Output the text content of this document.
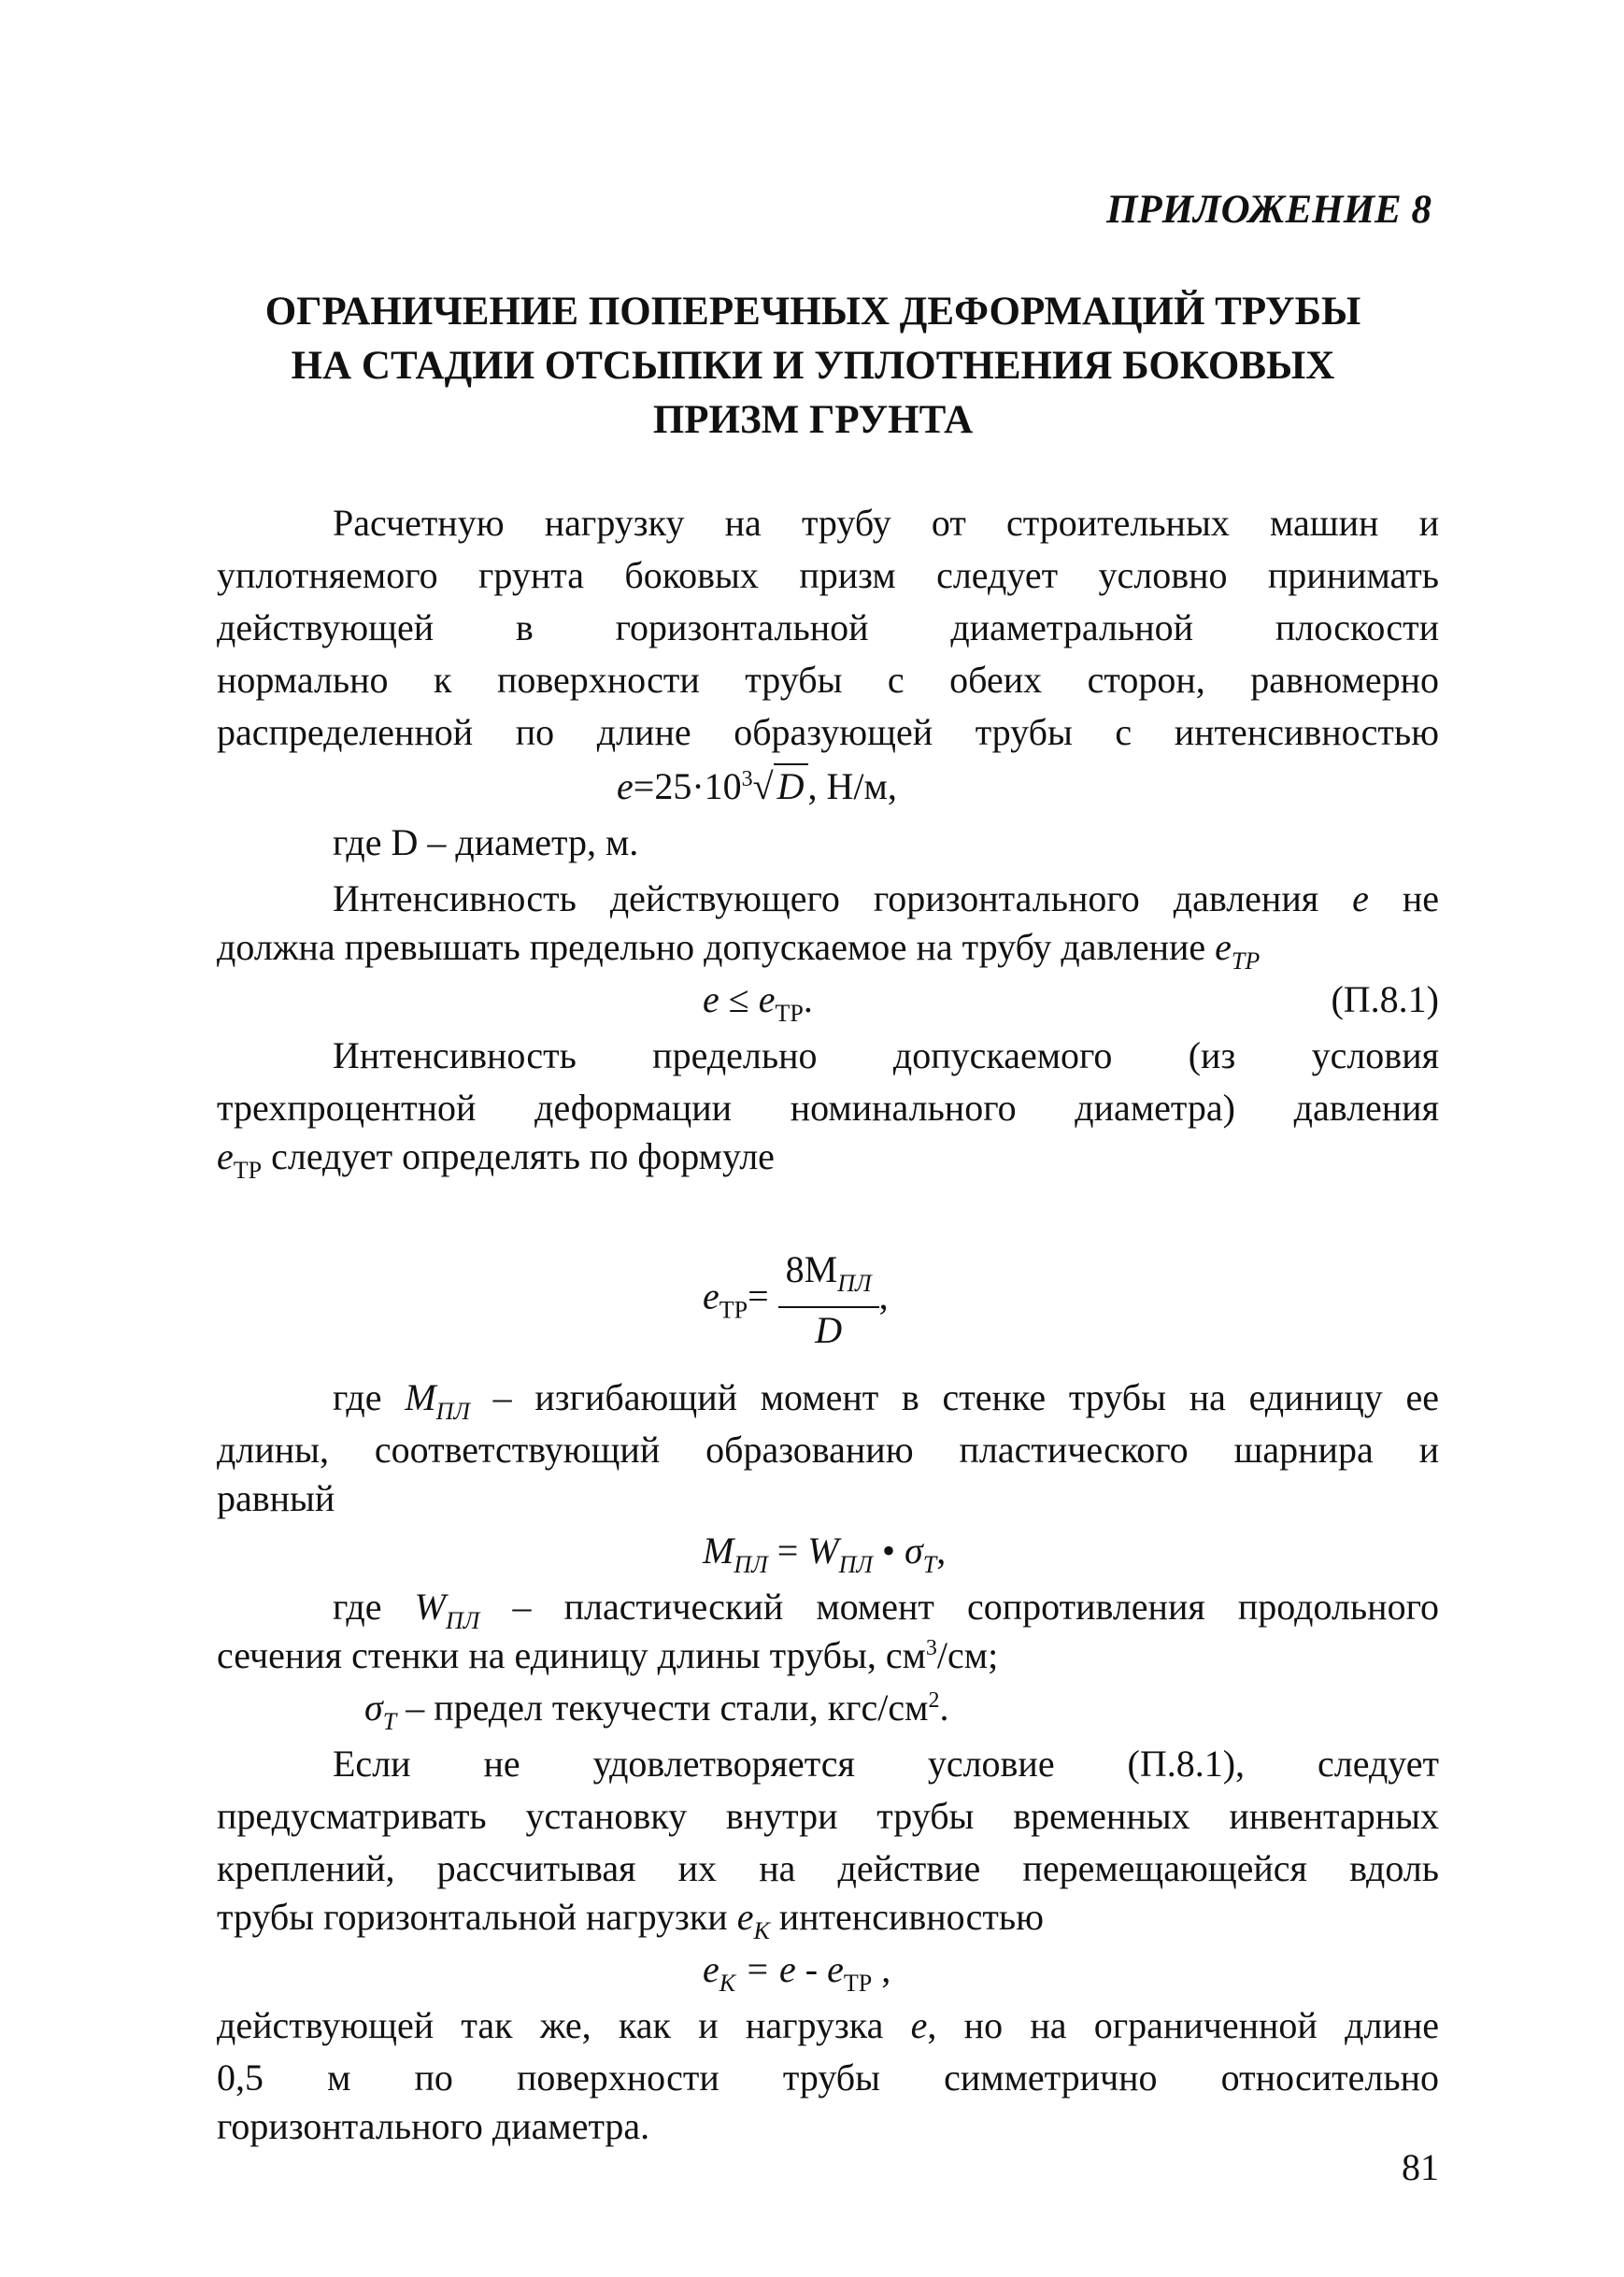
ПРИЛОЖЕНИЕ 8
ОГРАНИЧЕНИЕ ПОПЕРЕЧНЫХ ДЕФОРМАЦИЙ ТРУБЫ
НА СТАДИИ ОТСЫПКИ И УПЛОТНЕНИЯ БОКОВЫХ
ПРИЗМ ГРУНТА
Расчетную нагрузку на трубу от строительных машин и
уплотняемого грунта боковых призм следует условно принимать
действующей в горизонтальной диаметральной плоскости
нормально к поверхности трубы с обеих сторон, равномерно
распределенной по длине образующей трубы с интенсивностью
$e=25\cdot 10^3√$ D , Н/м,
где D – диаметр, м.
Интенсивность действующего горизонтального давления e не
должна превышать предельно допускаемое на трубу давление $e_{ТР}$
$e \le e_{ТР}$.	(П.8.1)
Интенсивность предельно допускаемого (из условия
трехпроцентной деформации номинального диаметра) давления
$e_{ТР}$ следует определять по формуле
$e_{ТР}= \frac{8M_{ПЛ}}{D}$ ,
где $M_{ПЛ}$ – изгибающий момент в стенке трубы на единицу ее
длины, соответствующий образованию пластического шарнира и
равный
$M_{ПЛ} = W_{ПЛ}$ • $\sigma_Т$,
где $W_{ПЛ}$ – пластический момент сопротивления продольного
сечения стенки на единицу длины трубы, $см^3/см$;
$\sigma_Т$ – предел текучести стали, кгс/$см^2$.
Если не удовлетворяется условие (П.8.1), следует
предусматривать установку внутри трубы временных инвентарных
креплений, рассчитывая их на действие перемещающейся вдоль
трубы горизонтальной нагрузки $e_К$ интенсивностью
$e_К = e - e_{ТР}$ ,
действующей так же, как и нагрузка e, но на ограниченной длине
0,5 м по поверхности трубы симметрично относительно
горизонтального диаметра.
81
